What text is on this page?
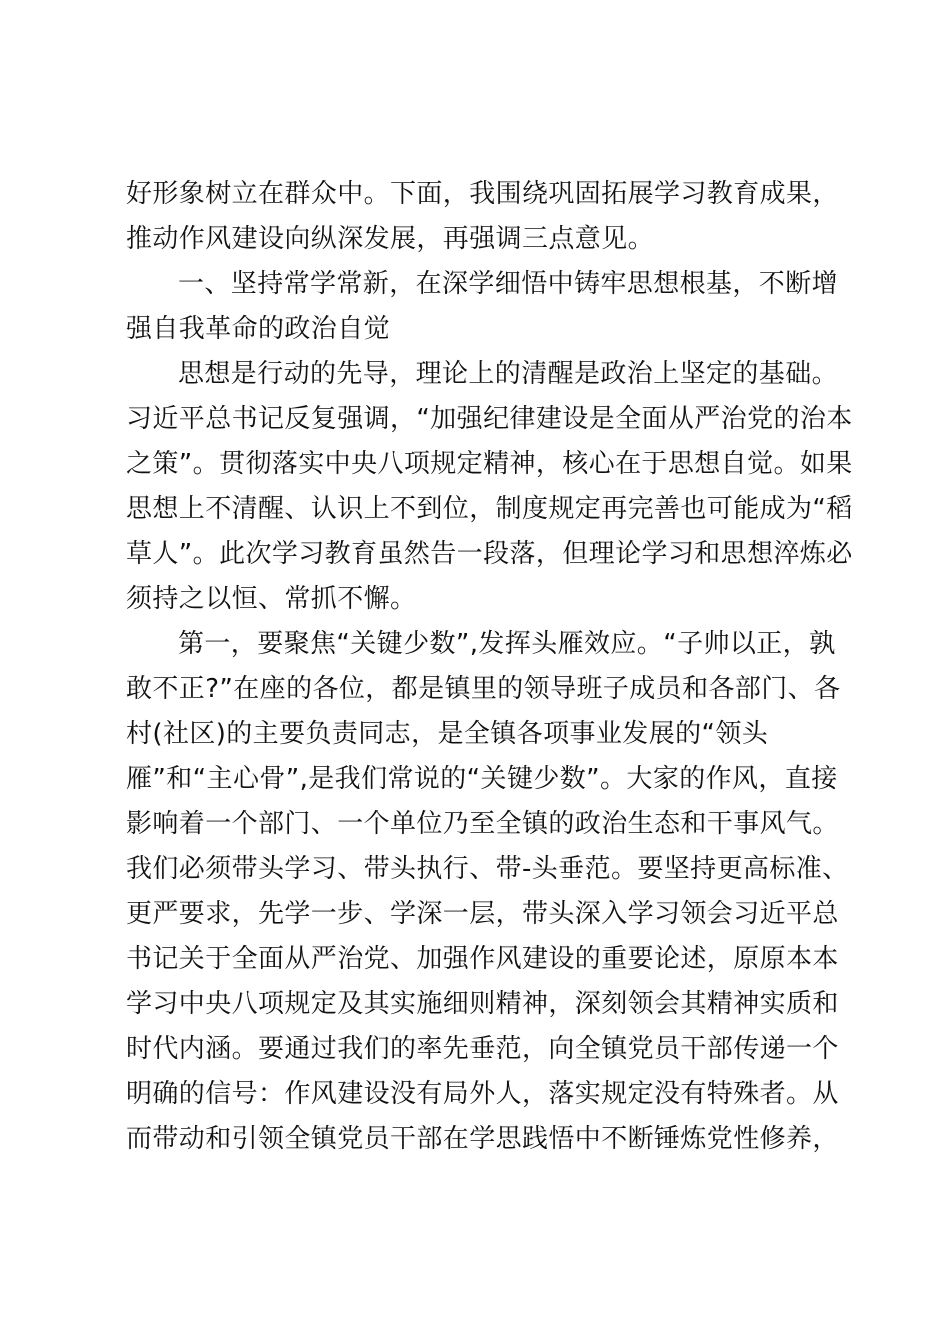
好形象树立在群众中。下面，我围绕巩固拓展学习教育成果，
推动作风建设向纵深发展，再强调三点意见。
一、坚持常学常新，在深学细悟中铸牢思想根基，不断增
强自我革命的政治自觉
思想是行动的先导，理论上的清醒是政治上坚定的基础。
习近平总书记反复强调，“加强纪律建设是全面从严治党的治本
之策”。贯彻落实中央八项规定精神，核心在于思想自觉。如果
思想上不清醒、认识上不到位，制度规定再完善也可能成为“稻
草人”。此次学习教育虽然告一段落，但理论学习和思想淬炼必
须持之以恒、常抓不懈。
第一，要聚焦“关键少数”,发挥头雁效应。“子帅以正，孰
敢不正?”在座的各位，都是镇里的领导班子成员和各部门、各
村(社区)的主要负责同志，是全镇各项事业发展的“领头
雁”和“主心骨”,是我们常说的“关键少数”。大家的作风，直接
影响着一个部门、一个单位乃至全镇的政治生态和干事风气。
我们必须带头学习、带头执行、带-头垂范。要坚持更高标准、
更严要求，先学一步、学深一层，带头深入学习领会习近平总
书记关于全面从严治党、加强作风建设的重要论述，原原本本
学习中央八项规定及其实施细则精神，深刻领会其精神实质和
时代内涵。要通过我们的率先垂范，向全镇党员干部传递一个
明确的信号：作风建设没有局外人，落实规定没有特殊者。从
而带动和引领全镇党员干部在学思践悟中不断锤炼党性修养，
